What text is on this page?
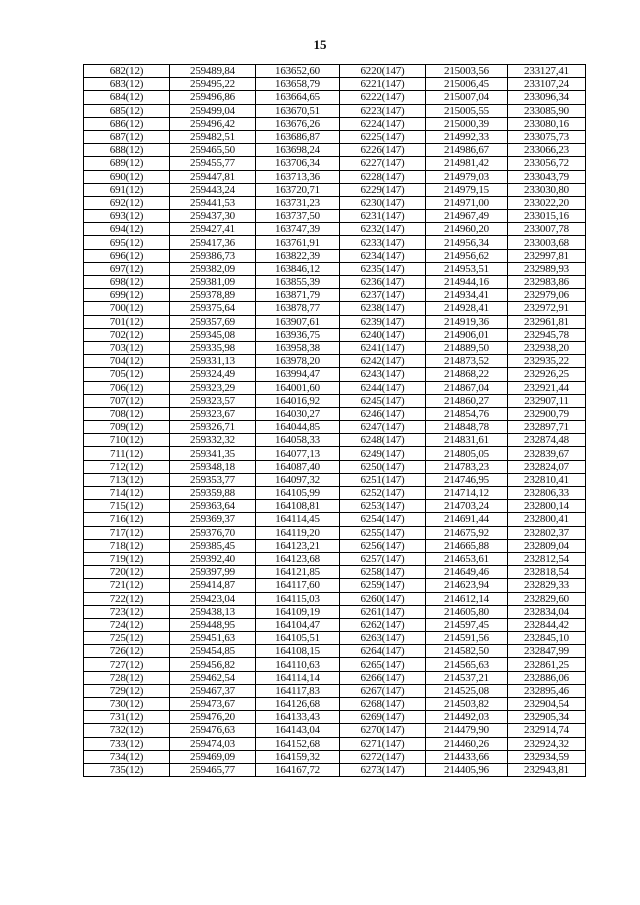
15
682(12)	259489,84	163652,60	6220(147)	215003,56	233127,41
683(12)	259495,22	163658,79	6221(147)	215006,45	233107,24
684(12)	259496,86	163664,65	6222(147)	215007,04	233096,34
685(12)	259499,04	163670,51	6223(147)	215005,55	233085,90
686(12)	259496,42	163676,26	6224(147)	215000,39	233080,16
687(12)	259482,51	163686,87	6225(147)	214992,33	233075,73
688(12)	259465,50	163698,24	6226(147)	214986,67	233066,23
689(12)	259455,77	163706,34	6227(147)	214981,42	233056,72
690(12)	259447,81	163713,36	6228(147)	214979,03	233043,79
691(12)	259443,24	163720,71	6229(147)	214979,15	233030,80
692(12)	259441,53	163731,23	6230(147)	214971,00	233022,20
693(12)	259437,30	163737,50	6231(147)	214967,49	233015,16
694(12)	259427,41	163747,39	6232(147)	214960,20	233007,78
695(12)	259417,36	163761,91	6233(147)	214956,34	233003,68
696(12)	259386,73	163822,39	6234(147)	214956,62	232997,81
697(12)	259382,09	163846,12	6235(147)	214953,51	232989,93
698(12)	259381,09	163855,39	6236(147)	214944,16	232983,86
699(12)	259378,89	163871,79	6237(147)	214934,41	232979,06
700(12)	259375,64	163878,77	6238(147)	214928,41	232972,91
701(12)	259357,69	163907,61	6239(147)	214919,36	232961,81
702(12)	259345,08	163936,75	6240(147)	214906,01	232945,78
703(12)	259335,98	163958,38	6241(147)	214889,50	232938,20
704(12)	259331,13	163978,20	6242(147)	214873,52	232935,22
705(12)	259324,49	163994,47	6243(147)	214868,22	232926,25
706(12)	259323,29	164001,60	6244(147)	214867,04	232921,44
707(12)	259323,57	164016,92	6245(147)	214860,27	232907,11
708(12)	259323,67	164030,27	6246(147)	214854,76	232900,79
709(12)	259326,71	164044,85	6247(147)	214848,78	232897,71
710(12)	259332,32	164058,33	6248(147)	214831,61	232874,48
711(12)	259341,35	164077,13	6249(147)	214805,05	232839,67
712(12)	259348,18	164087,40	6250(147)	214783,23	232824,07
713(12)	259353,77	164097,32	6251(147)	214746,95	232810,41
714(12)	259359,88	164105,99	6252(147)	214714,12	232806,33
715(12)	259363,64	164108,81	6253(147)	214703,24	232800,14
716(12)	259369,37	164114,45	6254(147)	214691,44	232800,41
717(12)	259376,70	164119,20	6255(147)	214675,92	232802,37
718(12)	259385,45	164123,21	6256(147)	214665,88	232809,04
719(12)	259392,40	164123,68	6257(147)	214653,61	232812,54
720(12)	259397,99	164121,85	6258(147)	214649,46	232818,54
721(12)	259414,87	164117,60	6259(147)	214623,94	232829,33
722(12)	259423,04	164115,03	6260(147)	214612,14	232829,60
723(12)	259438,13	164109,19	6261(147)	214605,80	232834,04
724(12)	259448,95	164104,47	6262(147)	214597,45	232844,42
725(12)	259451,63	164105,51	6263(147)	214591,56	232845,10
726(12)	259454,85	164108,15	6264(147)	214582,50	232847,99
727(12)	259456,82	164110,63	6265(147)	214565,63	232861,25
728(12)	259462,54	164114,14	6266(147)	214537,21	232886,06
729(12)	259467,37	164117,83	6267(147)	214525,08	232895,46
730(12)	259473,67	164126,68	6268(147)	214503,82	232904,54
731(12)	259476,20	164133,43	6269(147)	214492,03	232905,34
732(12)	259476,63	164143,04	6270(147)	214479,90	232914,74
733(12)	259474,03	164152,68	6271(147)	214460,26	232924,32
734(12)	259469,09	164159,32	6272(147)	214433,66	232934,59
735(12)	259465,77	164167,72	6273(147)	214405,96	232943,81
